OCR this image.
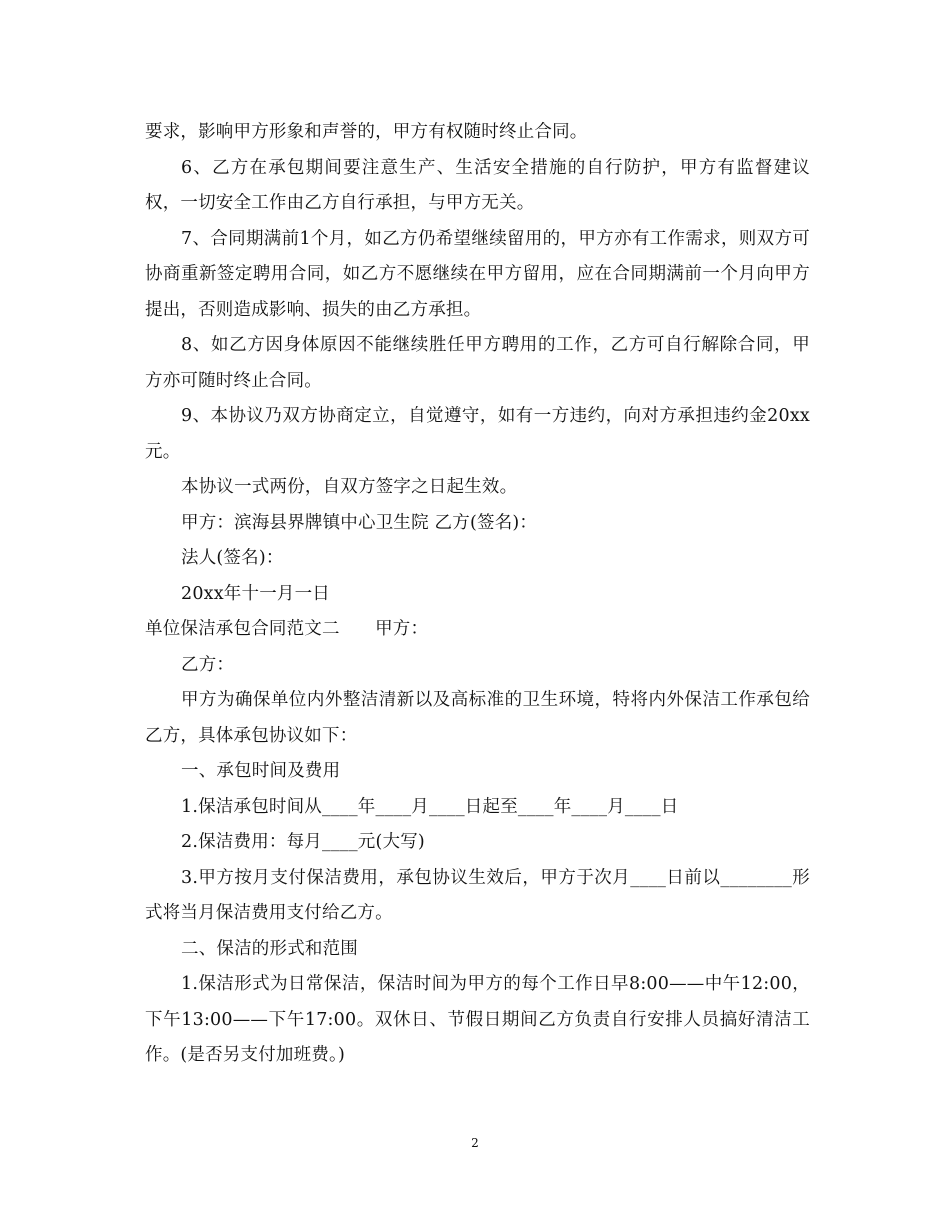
要求，影响甲方形象和声誉的，甲方有权随时终止合同。

6、乙方在承包期间要注意生产、生活安全措施的自行防护，甲方有监督建议权，一切安全工作由乙方自行承担，与甲方无关。

7、合同期满前1个月，如乙方仍希望继续留用的，甲方亦有工作需求，则双方可协商重新签定聘用合同，如乙方不愿继续在甲方留用，应在合同期满前一个月向甲方提出，否则造成影响、损失的由乙方承担。

8、如乙方因身体原因不能继续胜任甲方聘用的工作，乙方可自行解除合同，甲方亦可随时终止合同。

9、本协议乃双方协商定立，自觉遵守，如有一方违约，向对方承担违约金20xx元。

本协议一式两份，自双方签字之日起生效。

甲方：滨海县界牌镇中心卫生院 乙方(签名)：

法人(签名)：

20xx年十一月一日

单位保洁承包合同范文二　　甲方：

乙方：

甲方为确保单位内外整洁清新以及高标准的卫生环境，特将内外保洁工作承包给乙方，具体承包协议如下：

一、承包时间及费用

1.保洁承包时间从____年____月____日起至____年____月____日

2.保洁费用：每月____元(大写)

3.甲方按月支付保洁费用，承包协议生效后，甲方于次月____日前以________形式将当月保洁费用支付给乙方。

二、保洁的形式和范围

1.保洁形式为日常保洁，保洁时间为甲方的每个工作日早8:00——中午12:00，下午13:00——下午17:00。双休日、节假日期间乙方负责自行安排人员搞好清洁工作。(是否另支付加班费。)

2
